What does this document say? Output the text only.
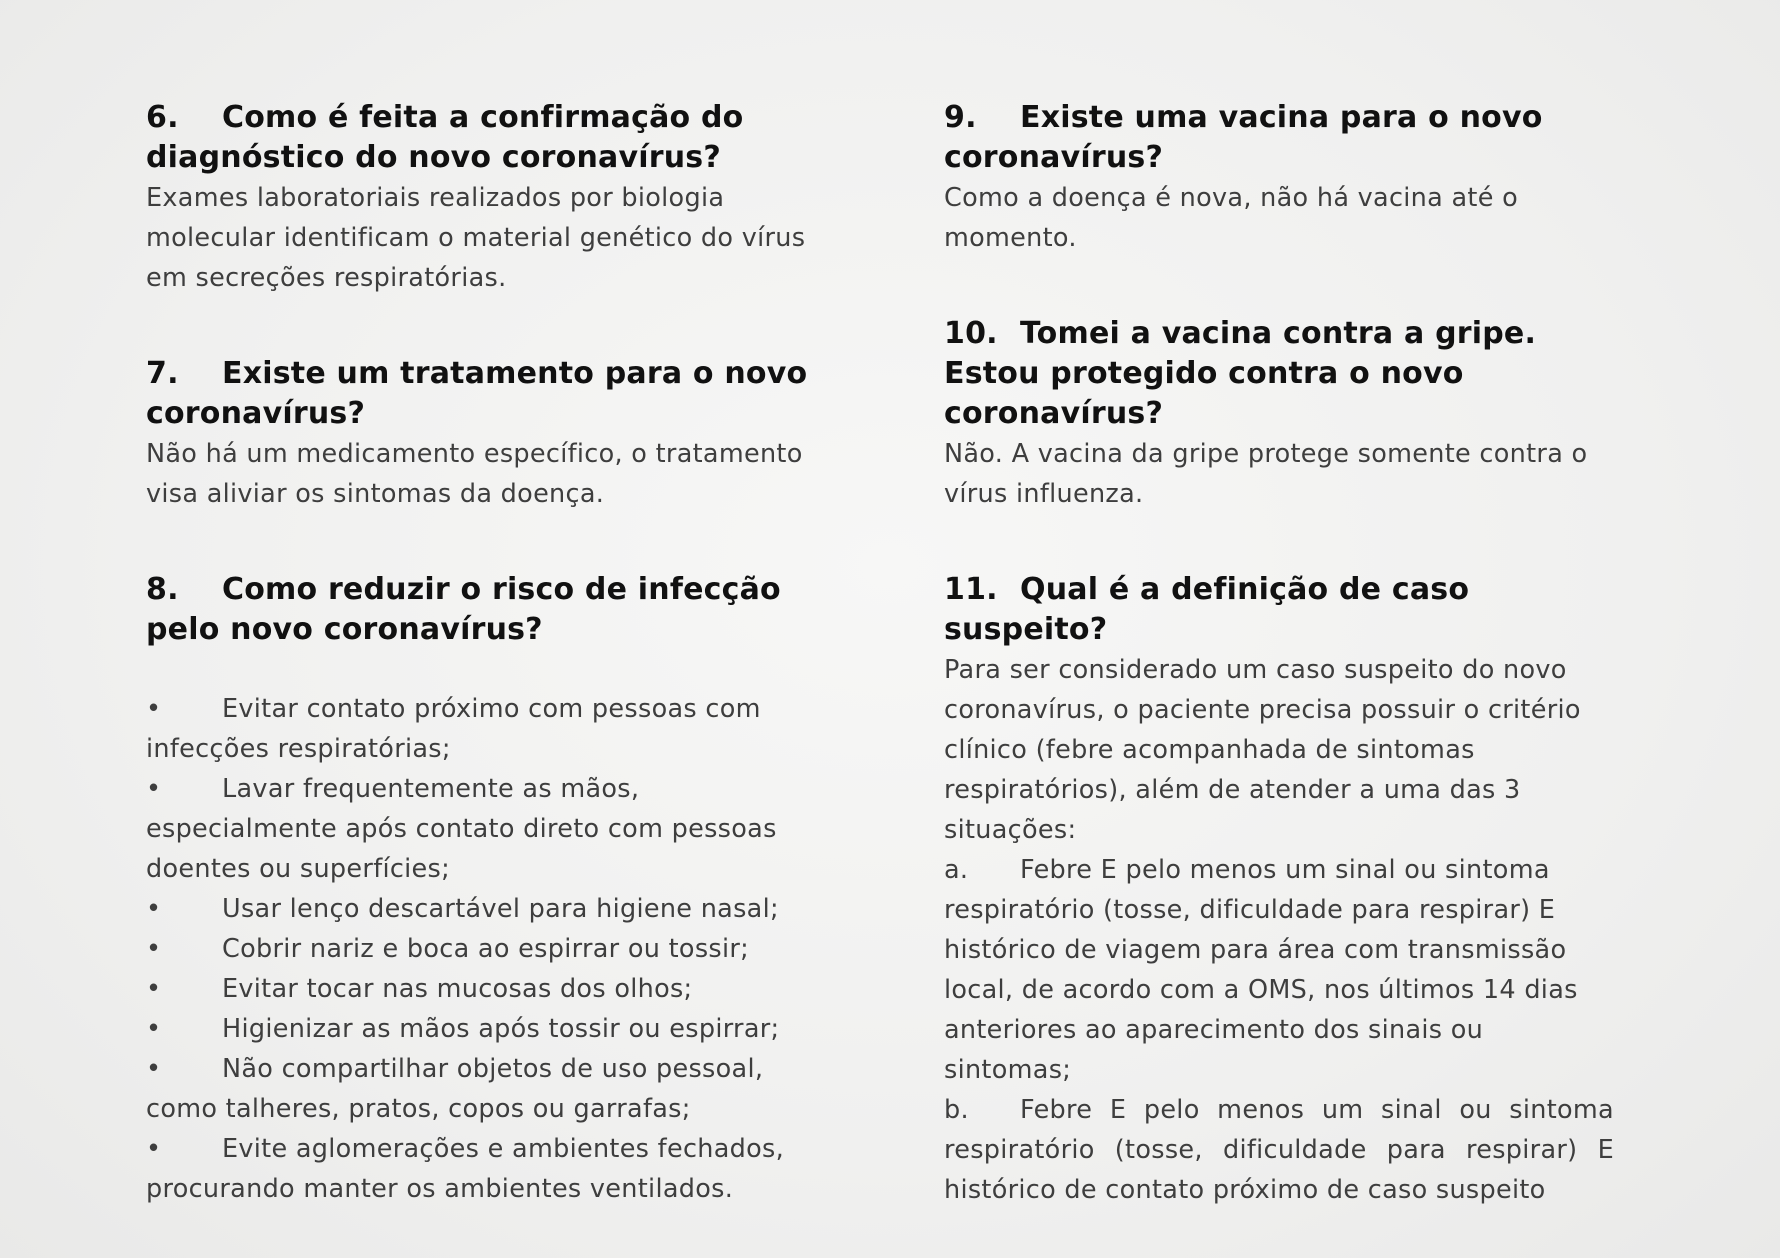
6. Como é feita a confirmação do diagnóstico do novo coronavírus?

Exames laboratoriais realizados por biologia molecular identificam o material genético do vírus em secreções respiratórias.

7. Existe um tratamento para o novo coronavírus?

Não há um medicamento específico, o tratamento visa aliviar os sintomas da doença.

8. Como reduzir o risco de infecção pelo novo coronavírus?

• Evitar contato próximo com pessoas com infecções respiratórias;
• Lavar frequentemente as mãos, especialmente após contato direto com pessoas doentes ou superfícies;
• Usar lenço descartável para higiene nasal;
• Cobrir nariz e boca ao espirrar ou tossir;
• Evitar tocar nas mucosas dos olhos;
• Higienizar as mãos após tossir ou espirrar;
• Não compartilhar objetos de uso pessoal, como talheres, pratos, copos ou garrafas;
• Evite aglomerações e ambientes fechados, procurando manter os ambientes ventilados.

9. Existe uma vacina para o novo coronavírus?

Como a doença é nova, não há vacina até o momento.

10. Tomei a vacina contra a gripe. Estou protegido contra o novo coronavírus?

Não. A vacina da gripe protege somente contra o vírus influenza.

11. Qual é a definição de caso suspeito?

Para ser considerado um caso suspeito do novo coronavírus, o paciente precisa possuir o critério clínico (febre acompanhada de sintomas respiratórios), além de atender a uma das 3 situações:

a. Febre E pelo menos um sinal ou sintoma respiratório (tosse, dificuldade para respirar) E histórico de viagem para área com transmissão local, de acordo com a OMS, nos últimos 14 dias anteriores ao aparecimento dos sinais ou sintomas;

b. Febre E pelo menos um sinal ou sintoma respiratório (tosse, dificuldade para respirar) E histórico de contato próximo de caso suspeito
